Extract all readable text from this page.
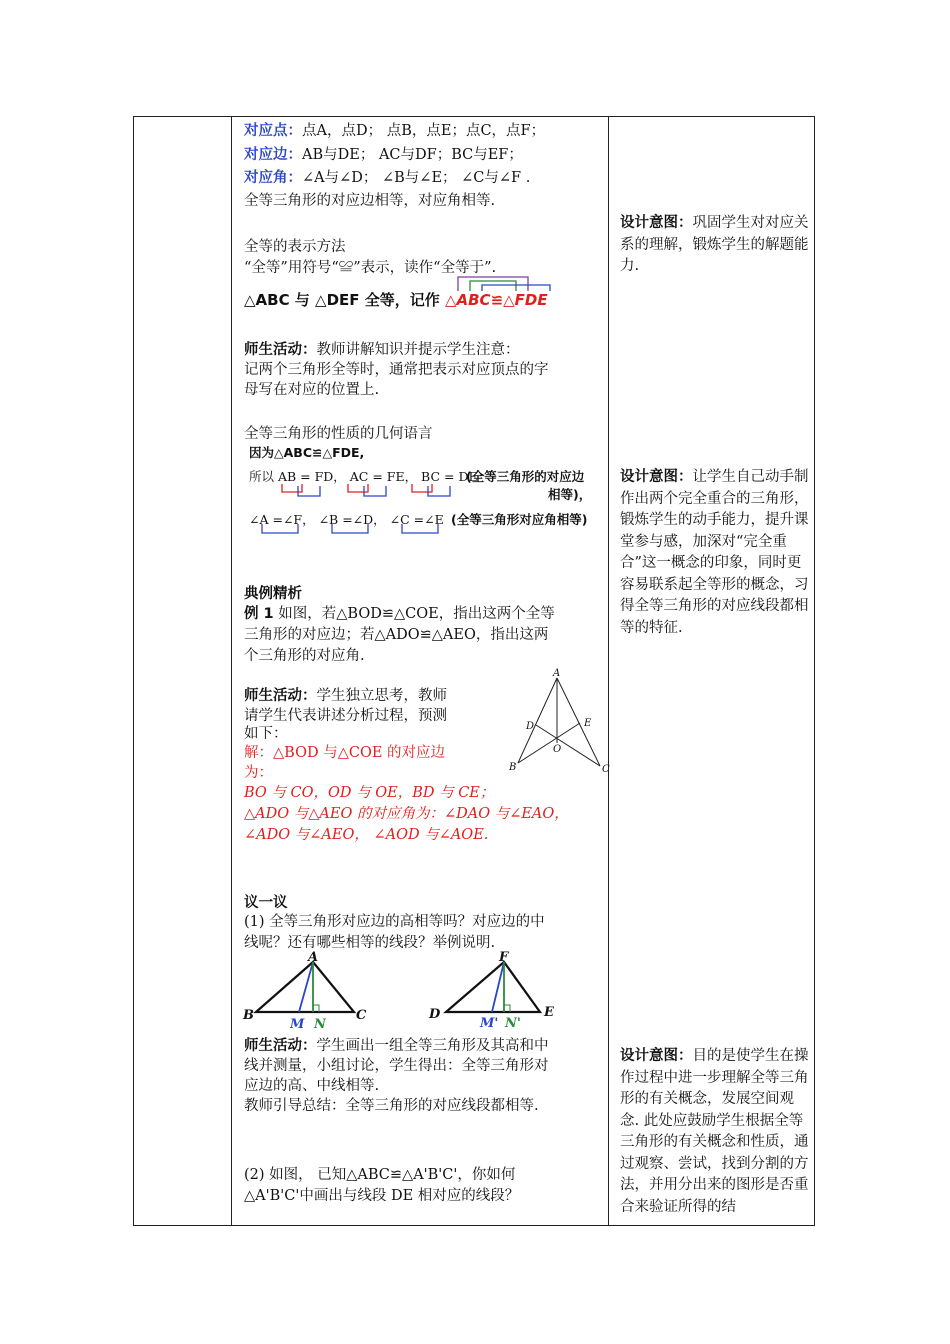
对应点：点A，点D； 点B，点E；点C，点F；
对应边：AB与DE； AC与DF；BC与EF；
对应角：∠A与∠D； ∠B与∠E； ∠C与∠F .
全等三角形的对应边相等，对应角相等.
全等的表示方法
“全等”用符号“≌”表示，读作“全等于”.
△ABC 与 △DEF 全等，记作 △ABC≌△FDE
师生活动：教师讲解知识并提示学生注意：
记两个三角形全等时，通常把表示对应顶点的字
母写在对应的位置上.
全等三角形的性质的几何语言
因为△ABC≌△FDE,
所以 AB = FD， AC = FE， BC = DE
(全等三角形的对应边
相等)，
∠A =∠F， ∠B =∠D， ∠C =∠E (全等三角形对应角相等)
典例精析
例 1 如图，若△BOD≌△COE，指出这两个全等
三角形的对应边；若△ADO≌△AEO，指出这两
个三角形的对应角.
师生活动：学生独立思考，教师
请学生代表讲述分析过程，预测
如下：
解：△BOD 与△COE 的对应边
为：
BO 与 CO，OD 与 OE，BD 与 CE；
△ADO 与△AEO 的对应角为：∠DAO 与∠EAO，
∠ADO 与∠AEO， ∠AOD 与∠AOE.
A
B	C
D	E
O
议一议
(1) 全等三角形对应边的高相等吗？对应边的中
线呢？还有哪些相等的线段？举例说明.
A
B	C
M N
F
D	E
M' N'
师生活动：学生画出一组全等三角形及其高和中
线并测量，小组讨论，学生得出：全等三角形对
应边的高、中线相等.
教师引导总结：全等三角形的对应线段都相等.
(2) 如图， 已知△ABC≌△A'B'C'，你如何
△A'B'C'中画出与线段 DE 相对应的线段？
设计意图：巩固学生对对应关系的理解，锻炼学生的解题能力.
设计意图：让学生自己动手制作出两个完全重合的三角形，锻炼学生的动手能力，提升课堂参与感，加深对“完全重合”这一概念的印象，同时更容易联系起全等形的概念，习得全等三角形的对应线段都相等的特征.
设计意图：目的是使学生在操作过程中进一步理解全等三角形的有关概念，发展空间观念. 此处应鼓励学生根据全等三角形的有关概念和性质，通过观察、尝试，找到分割的方法，并用分出来的图形是否重合来验证所得的结
